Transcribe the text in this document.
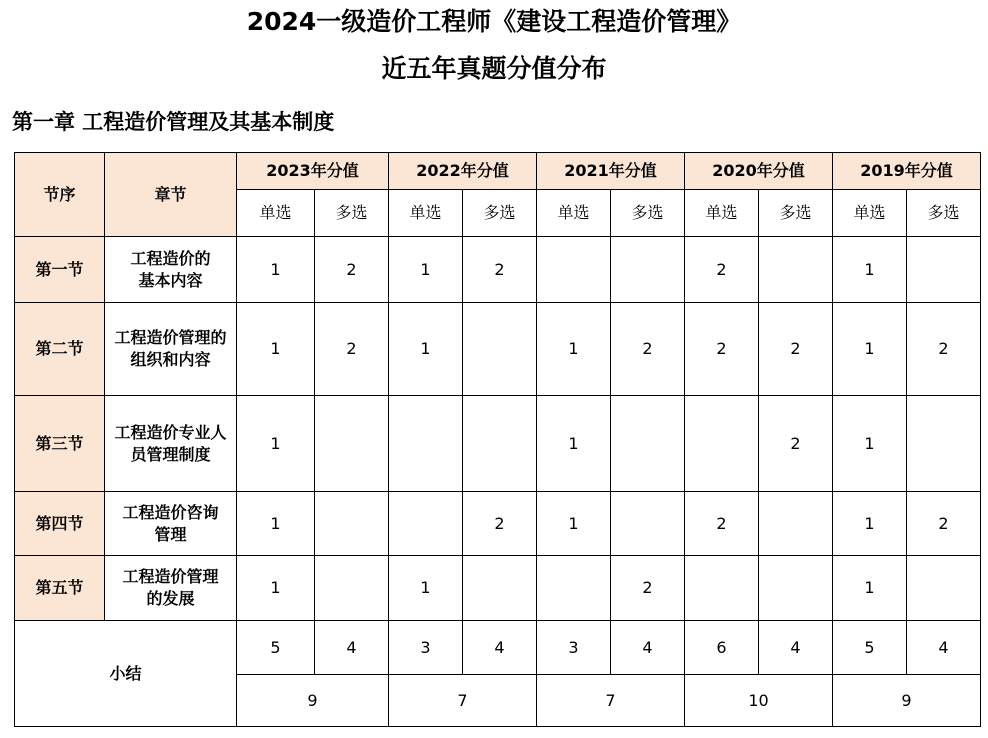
2024一级造价工程师《建设工程造价管理》
近五年真题分值分布
第一章 工程造价管理及其基本制度
节序	章节	2023年分值		2022年分值		2021年分值		2020年分值		2019年分值	
		单选	多选	单选	多选	单选	多选	单选	多选	单选	多选
第一节	工程造价的
基本内容	1	2	1	2			2		1	
第二节	工程造价管理的
组织和内容	1	2	1		1	2	2	2	1	2
第三节	工程造价专业人
员管理制度	1				1			2	1	
第四节	工程造价咨询
管理	1			2	1		2		1	2
第五节	工程造价管理
的发展	1		1			2			1	
小结		5	4	3	4	3	4	6	4	5	4
		9		7		7		10		9	
